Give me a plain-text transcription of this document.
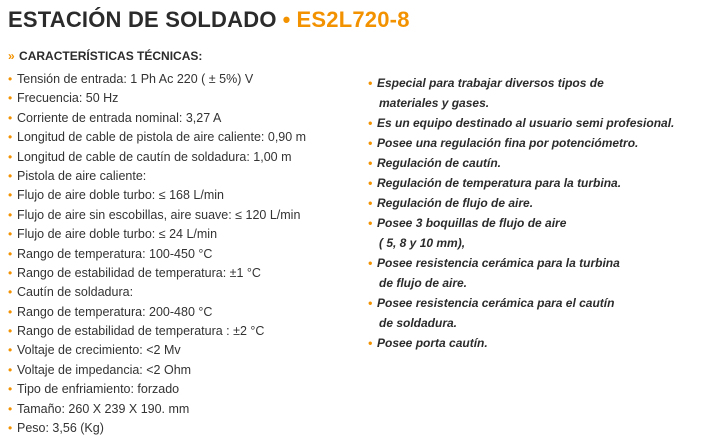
ESTACIÓN DE SOLDADO • ES2L720-8
» CARACTERÍSTICAS TÉCNICAS:
• Tensión de entrada: 1 Ph Ac 220 ( ± 5%) V
• Frecuencia: 50 Hz
• Corriente de entrada nominal: 3,27 A
• Longitud de cable de pistola de aire caliente: 0,90 m
• Longitud de cable de cautín de soldadura: 1,00 m
• Pistola de aire caliente:
• Flujo de aire doble turbo: ≤ 168 L/min
• Flujo de aire sin escobillas, aire suave: ≤ 120 L/min
• Flujo de aire doble turbo: ≤ 24 L/min
• Rango de temperatura: 100-450 °C
• Rango de estabilidad de temperatura: ±1 °C
• Cautín de soldadura:
• Rango de temperatura: 200-480 °C
• Rango de estabilidad de temperatura : ±2 °C
• Voltaje de crecimiento: <2 Mv
• Voltaje de impedancia: <2 Ohm
• Tipo de enfriamiento: forzado
• Tamaño: 260 X 239 X 190. mm
• Peso: 3,56 (Kg)
• Especial para trabajar diversos tipos de
materiales y gases.
• Es un equipo destinado al usuario semi profesional.
• Posee una regulación fina por potenciómetro.
• Regulación de cautín.
• Regulación de temperatura para la turbina.
• Regulación de flujo de aire.
• Posee 3 boquillas de flujo de aire
( 5, 8 y 10 mm),
• Posee resistencia cerámica para la turbina
de flujo de aire.
• Posee resistencia cerámica para el cautín
de soldadura.
• Posee porta cautín.
